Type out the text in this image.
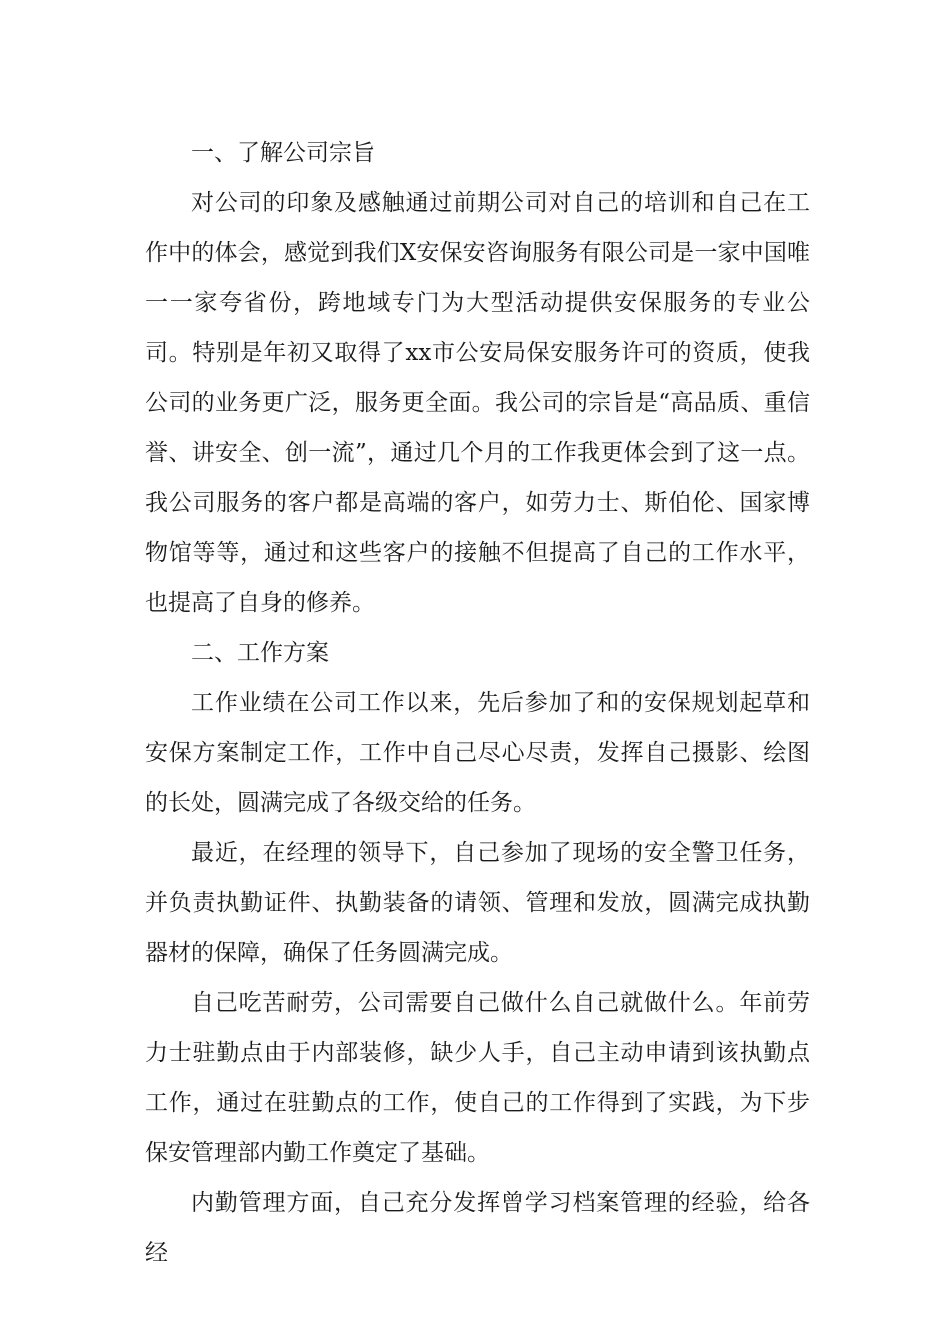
一、了解公司宗旨

对公司的印象及感触通过前期公司对自己的培训和自己在工作中的体会，感觉到我们X安保安咨询服务有限公司是一家中国唯一一家夸省份，跨地域专门为大型活动提供安保服务的专业公司。特别是年初又取得了xx市公安局保安服务许可的资质，使我公司的业务更广泛，服务更全面。我公司的宗旨是“高品质、重信誉、讲安全、创一流”，通过几个月的工作我更体会到了这一点。我公司服务的客户都是高端的客户，如劳力士、斯伯伦、国家博物馆等等，通过和这些客户的接触不但提高了自己的工作水平，也提高了自身的修养。

二、工作方案

工作业绩在公司工作以来，先后参加了和的安保规划起草和安保方案制定工作，工作中自己尽心尽责，发挥自己摄影、绘图的长处，圆满完成了各级交给的任务。

最近，在经理的领导下，自己参加了现场的安全警卫任务，并负责执勤证件、执勤装备的请领、管理和发放，圆满完成执勤器材的保障，确保了任务圆满完成。

自己吃苦耐劳，公司需要自己做什么自己就做什么。年前劳力士驻勤点由于内部装修，缺少人手，自己主动申请到该执勤点工作，通过在驻勤点的工作，使自己的工作得到了实践，为下步保安管理部内勤工作奠定了基础。

内勤管理方面，自己充分发挥曾学习档案管理的经验，给各经
